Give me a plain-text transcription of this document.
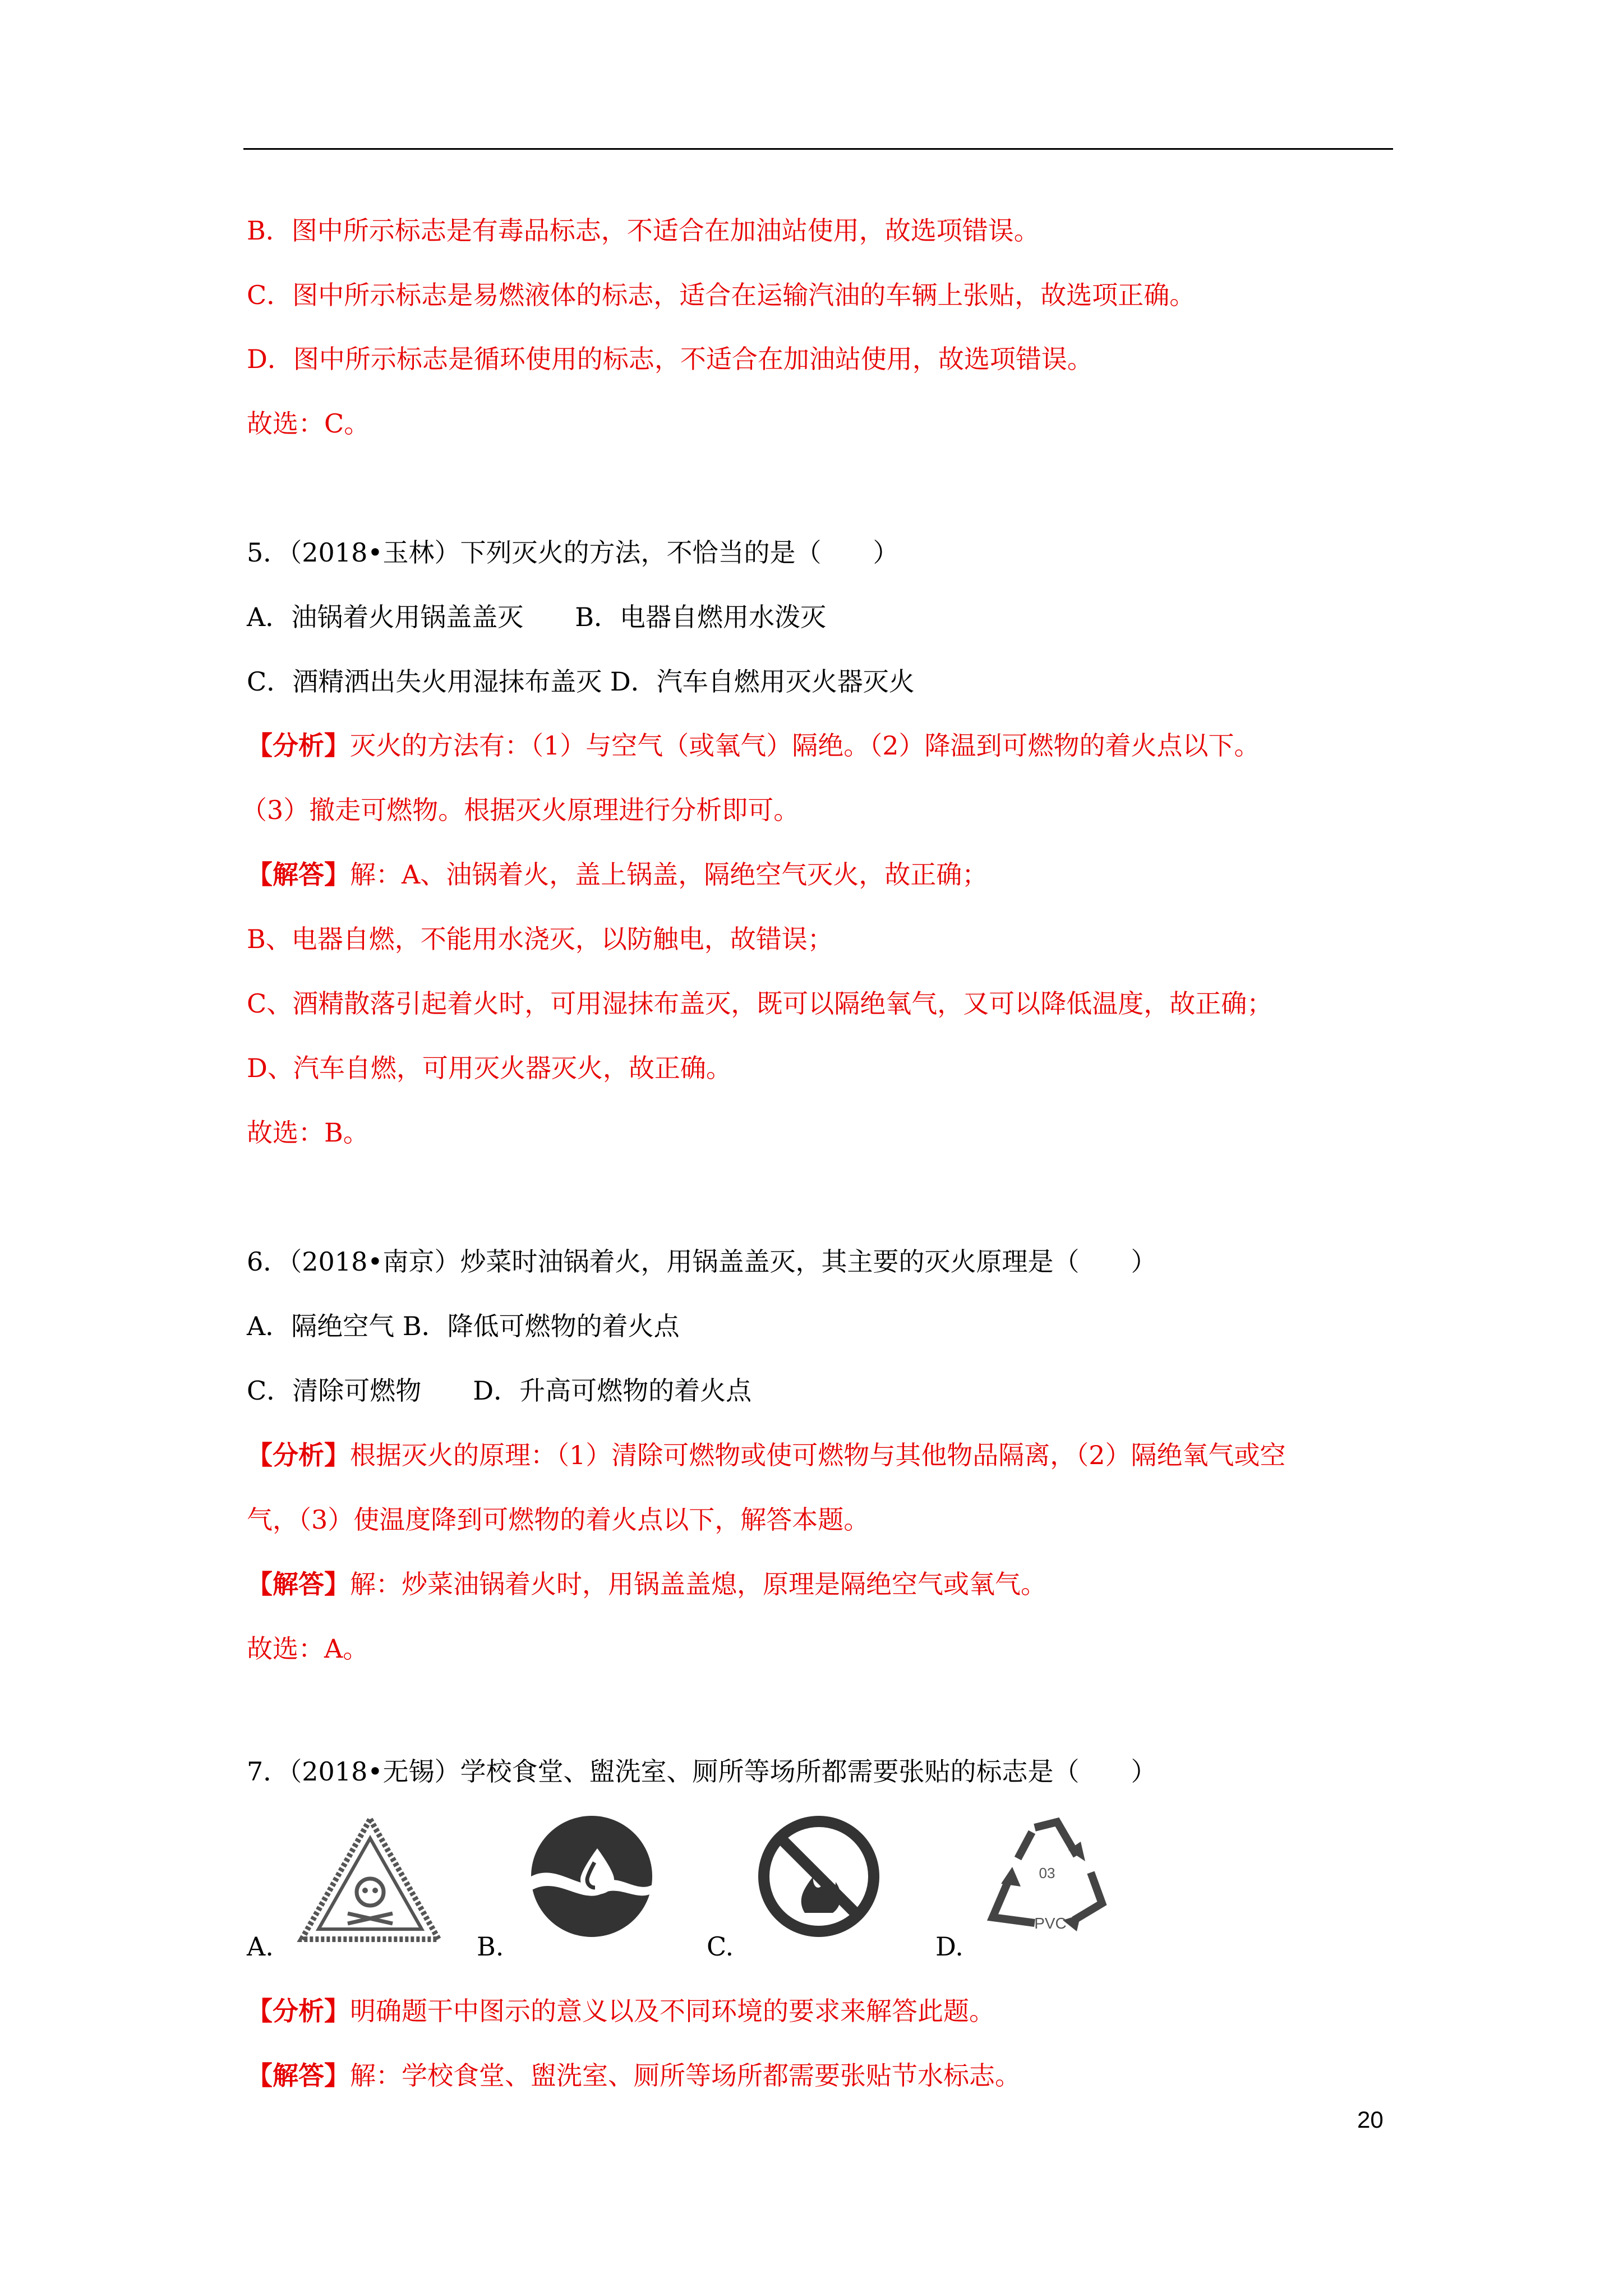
B．图中所示标志是有毒品标志，不适合在加油站使用，故选项错误。
C．图中所示标志是易燃液体的标志，适合在运输汽油的车辆上张贴，故选项正确。
D．图中所示标志是循环使用的标志，不适合在加油站使用，故选项错误。
故选：C。
5．（2018•玉林）下列灭火的方法，不恰当的是（　　）
A．油锅着火用锅盖盖灭　　B．电器自燃用水泼灭
C．酒精洒出失火用湿抹布盖灭 D．汽车自燃用灭火器灭火
【分析】灭火的方法有：（1）与空气（或氧气）隔绝。（2）降温到可燃物的着火点以下。
（3）撤走可燃物。根据灭火原理进行分析即可。
【解答】解：A、油锅着火，盖上锅盖，隔绝空气灭火，故正确；
B、电器自燃，不能用水浇灭，以防触电，故错误；
C、酒精散落引起着火时，可用湿抹布盖灭，既可以隔绝氧气，又可以降低温度，故正确；
D、汽车自燃，可用灭火器灭火，故正确。
故选：B。
6．（2018•南京）炒菜时油锅着火，用锅盖盖灭，其主要的灭火原理是（　　）
A．隔绝空气 B．降低可燃物的着火点
C．清除可燃物　　D．升高可燃物的着火点
【分析】根据灭火的原理：（1）清除可燃物或使可燃物与其他物品隔离，（2）隔绝氧气或空
气，（3）使温度降到可燃物的着火点以下，解答本题。
【解答】解：炒菜油锅着火时，用锅盖盖熄，原理是隔绝空气或氧气。
故选：A。
7．（2018•无锡）学校食堂、盥洗室、厕所等场所都需要张贴的标志是（　　）
A.	B.	C.	D.
03
PVC
【分析】明确题干中图示的意义以及不同环境的要求来解答此题。
【解答】解：学校食堂、盥洗室、厕所等场所都需要张贴节水标志。
20
